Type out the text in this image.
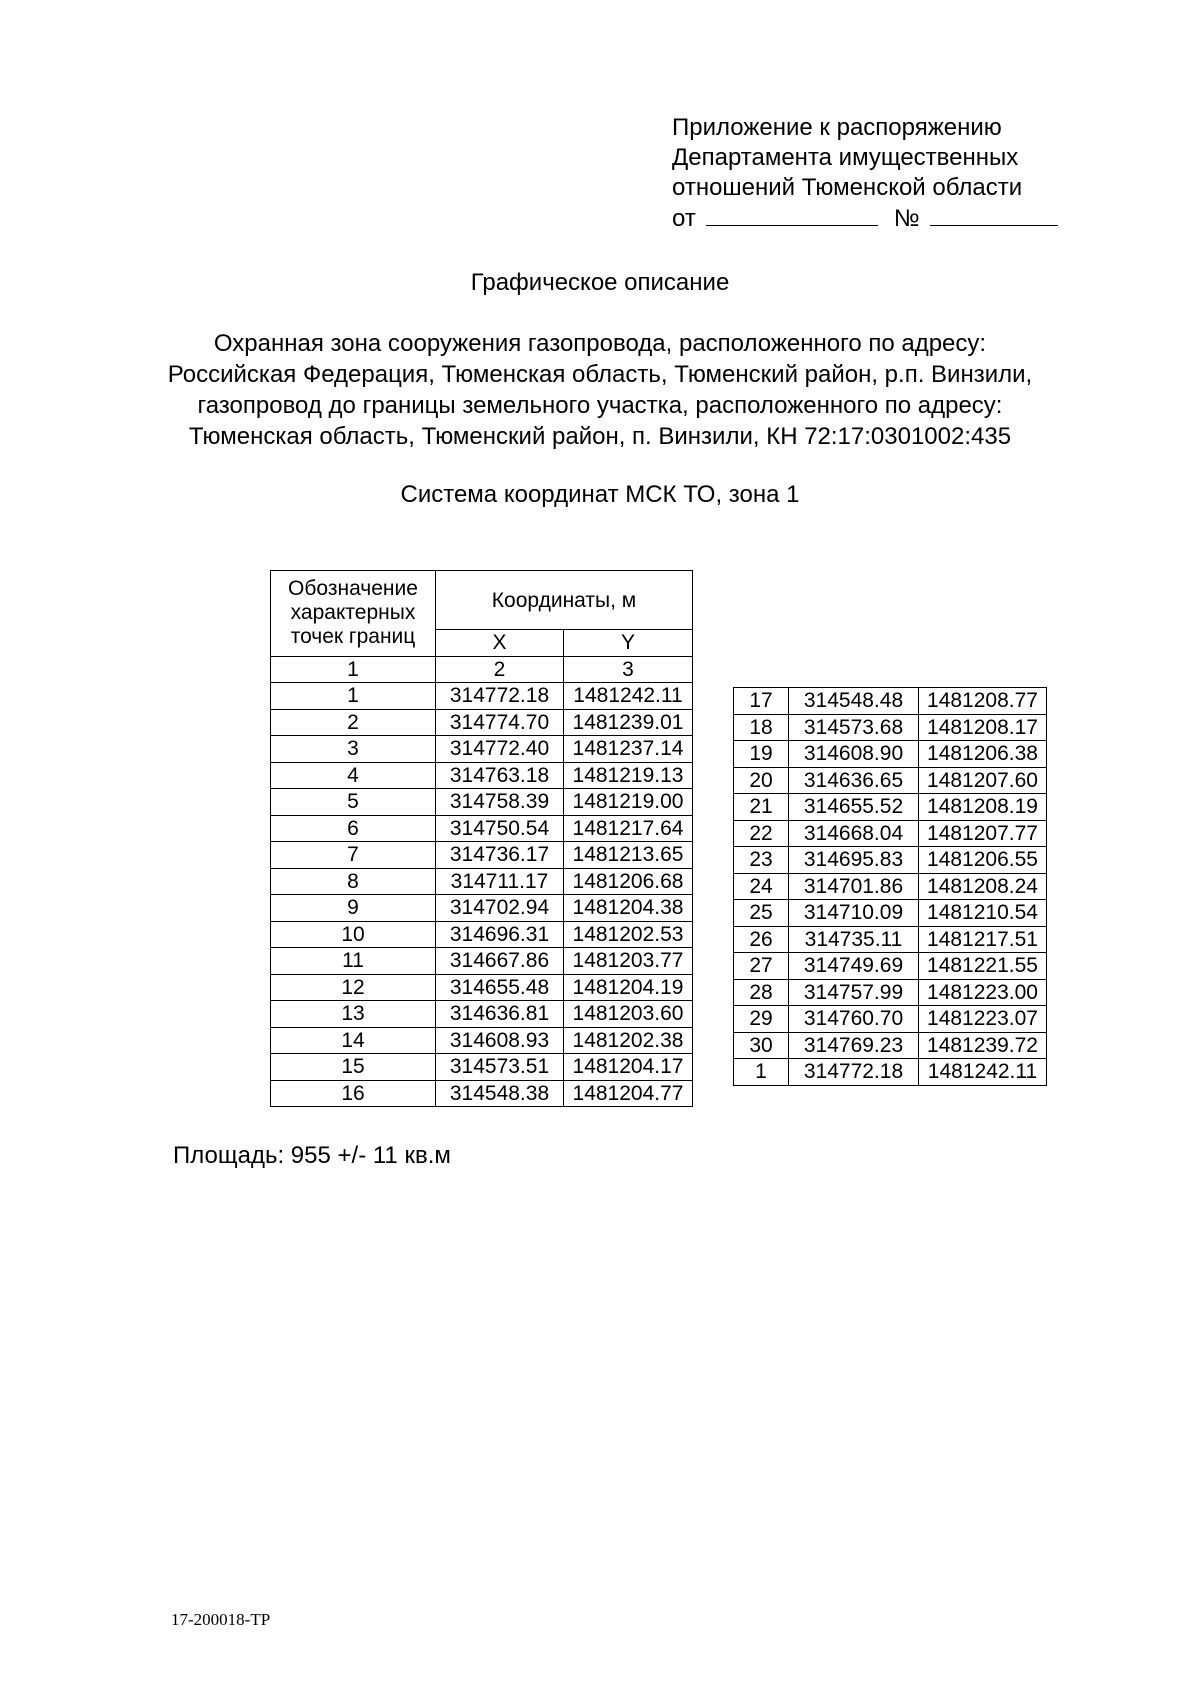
Приложение к распоряжению
Департамента имущественных
отношений Тюменской области
от	№
Графическое описание
Охранная зона сооружения газопровода, расположенного по адресу:
Российская Федерация, Тюменская область, Тюменский район, р.п. Винзили,
газопровод до границы земельного участка, расположенного по адресу:
Тюменская область, Тюменский район, п. Винзили, КН 72:17:0301002:435
Система координат МСК ТО, зона 1
Обозначение характерных точек границ	Координаты, м	
	X	Y
1	2	3
1	314772.18	1481242.11
2	314774.70	1481239.01
3	314772.40	1481237.14
4	314763.18	1481219.13
5	314758.39	1481219.00
6	314750.54	1481217.64
7	314736.17	1481213.65
8	314711.17	1481206.68
9	314702.94	1481204.38
10	314696.31	1481202.53
11	314667.86	1481203.77
12	314655.48	1481204.19
13	314636.81	1481203.60
14	314608.93	1481202.38
15	314573.51	1481204.17
16	314548.38	1481204.77
17	314548.48	1481208.77
18	314573.68	1481208.17
19	314608.90	1481206.38
20	314636.65	1481207.60
21	314655.52	1481208.19
22	314668.04	1481207.77
23	314695.83	1481206.55
24	314701.86	1481208.24
25	314710.09	1481210.54
26	314735.11	1481217.51
27	314749.69	1481221.55
28	314757.99	1481223.00
29	314760.70	1481223.07
30	314769.23	1481239.72
1	314772.18	1481242.11
Площадь: 955 +/- 11 кв.м
17-200018-ТР
